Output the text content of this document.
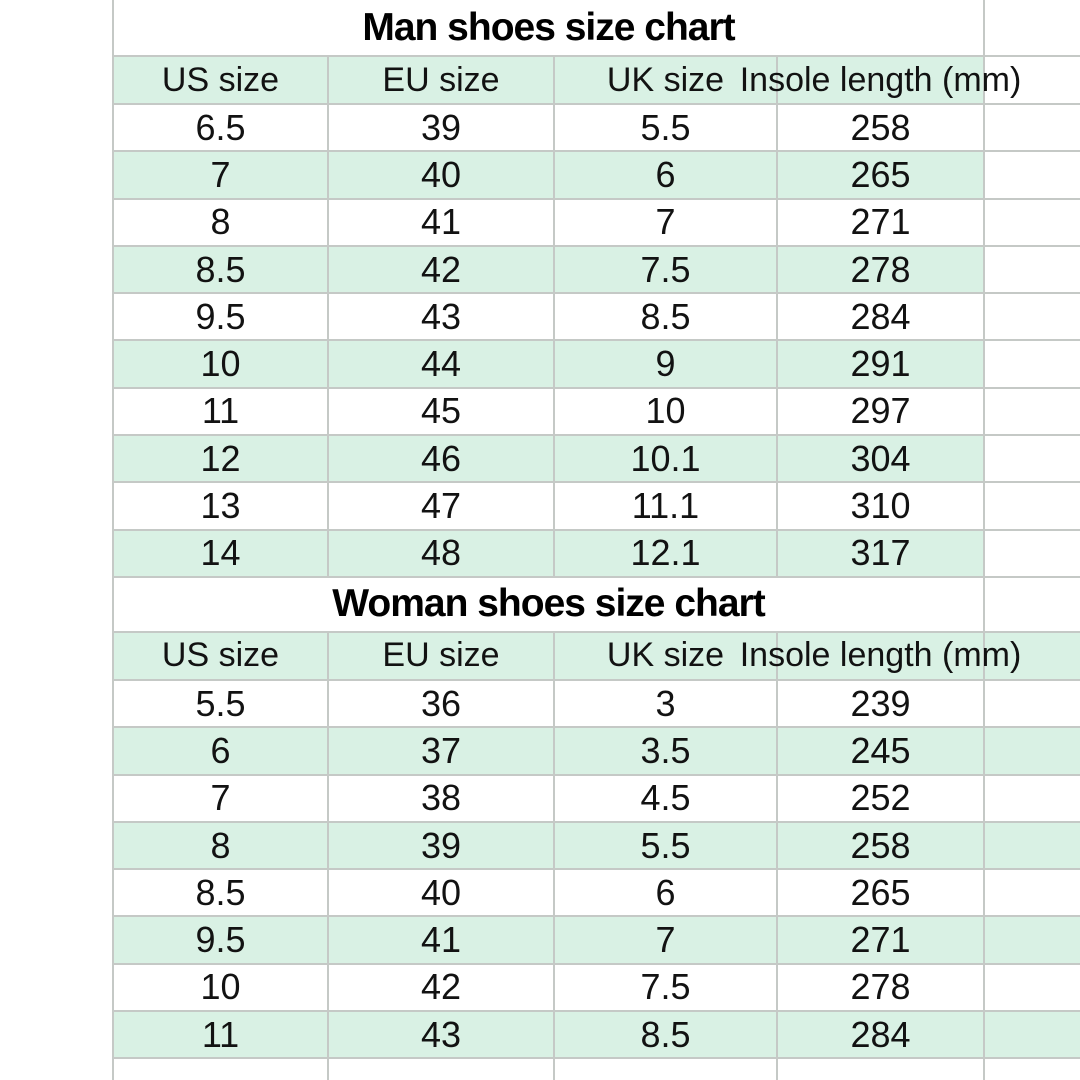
Man shoes size chart
US size	EU size	UK size Insole length (mm)
6.5	39	5.5	258
7	40	6	265
8	41	7	271
8.5	42	7.5	278
9.5	43	8.5	284
10	44	9	291
11	45	10	297
12	46	10.1	304
13	47	11.1	310
14	48	12.1	317
Woman shoes size chart
US size	EU size	UK size Insole length (mm)
5.5	36	3	239
6	37	3.5	245
7	38	4.5	252
8	39	5.5	258
8.5	40	6	265
9.5	41	7	271
10	42	7.5	278
11	43	8.5	284
